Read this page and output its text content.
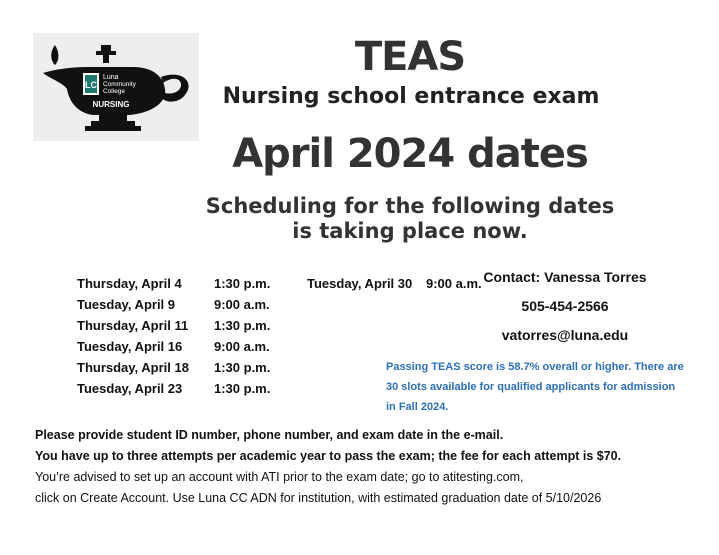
LC
Luna
Community
College
NURSING
TEAS
Nursing school entrance exam
April 2024 dates
Scheduling for the following dates
is taking place now.
Thursday, April 4 1:30 p.m.
Tuesday, April 9	9:00 a.m.
Thursday, April 11 1:30 p.m.
Tuesday, April 16 9:00 a.m.
Thursday, April 18 1:30 p.m.
Tuesday, April 23 1:30 p.m.
Tuesday, April 30 9:00 a.m. Contact: Vanessa Torres
505-454-2566
vatorres@luna.edu
Passing TEAS score is 58.7% overall or higher. There are
30 slots available for qualified applicants for admission
in Fall 2024.
Please provide student ID number, phone number, and exam date in the e-mail.
You have up to three attempts per academic year to pass the exam; the fee for each attempt is $70.
You’re advised to set up an account with ATI prior to the exam date; go to atitesting.com,
click on Create Account. Use Luna CC ADN for institution, with estimated graduation date of 5/10/2026
